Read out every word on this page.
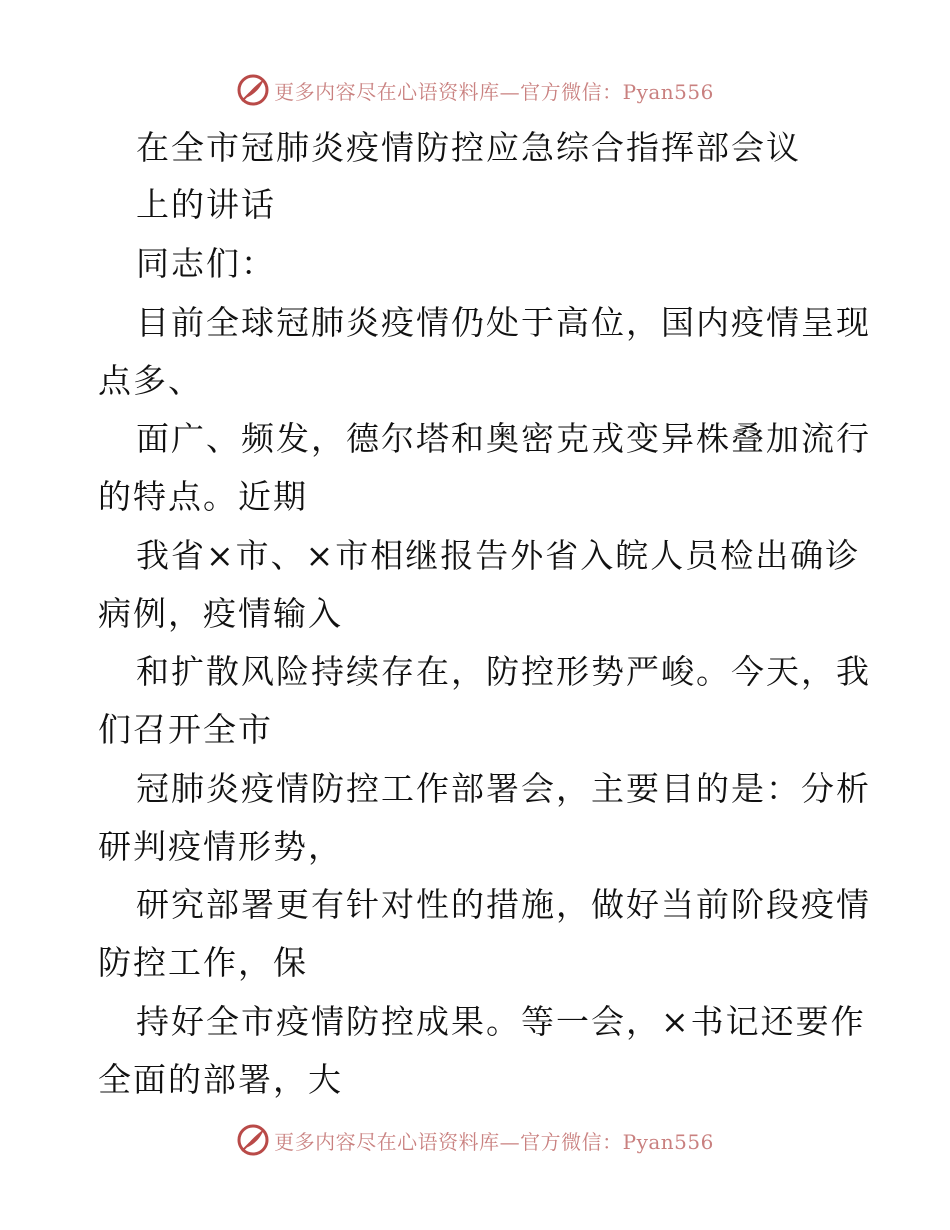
更多内容尽在心语资料库—官方微信：Pyan556
在全市冠肺炎疫情防控应急综合指挥部会议
上的讲话
同志们：
目前全球冠肺炎疫情仍处于高位，国内疫情呈现
点多、
面广、频发，德尔塔和奥密克戎变异株叠加流行
的特点。近期
我省×市、×市相继报告外省入皖人员检出确诊
病例，疫情输入
和扩散风险持续存在，防控形势严峻。今天，我
们召开全市
冠肺炎疫情防控工作部署会，主要目的是：分析
研判疫情形势，
研究部署更有针对性的措施，做好当前阶段疫情
防控工作，保
持好全市疫情防控成果。等一会，×书记还要作
全面的部署，大
更多内容尽在心语资料库—官方微信：Pyan556
